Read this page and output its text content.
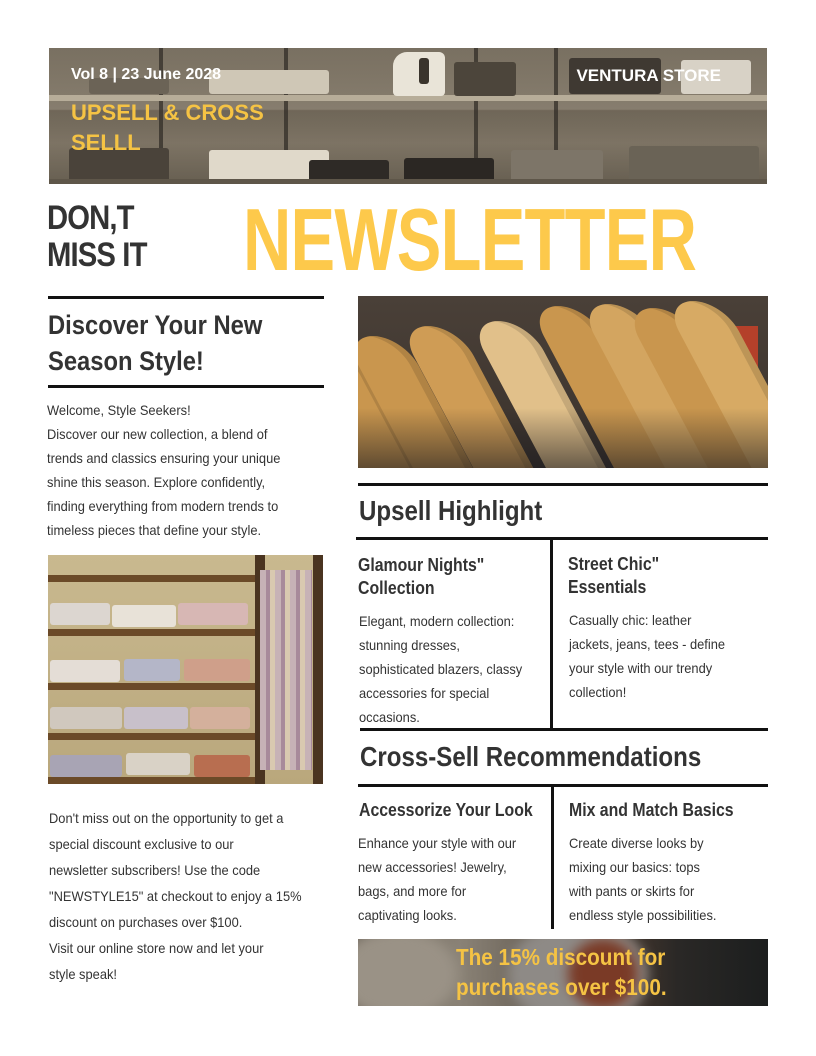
Vol 8 | 23 June 2028	VENTURA STORE
UPSELL & CROSS
SELLL
DON,T
MISS IT NEWSLETTER
Discover Your New
Season Style!

Welcome, Style Seekers!

Discover our new collection, a blend of

trends and classics ensuring your unique

shine this season. Explore confidently,

finding everything from modern trends to

timeless pieces that define your style.

Don't miss out on the opportunity to get a

special discount exclusive to our

newsletter subscribers! Use the code

"NEWSTYLE15" at checkout to enjoy a 15%

discount on purchases over $100.

Visit our online store now and let your

style speak!

Upsell Highlight
Glamour Nights"
Collection

Elegant, modern collection:

stunning dresses,

sophisticated blazers, classy

accessories for special

occasions.

Street Chic"
Essentials

Casually chic: leather

jackets, jeans, tees - define

your style with our trendy

collection!

Cross-Sell Recommendations
Accessorize Your Look

Enhance your style with our

new accessories! Jewelry,

bags, and more for

captivating looks.

Mix and Match Basics

Create diverse looks by

mixing our basics: tops

with pants or skirts for

endless style possibilities.

The 15% discount for
purchases over $100.
